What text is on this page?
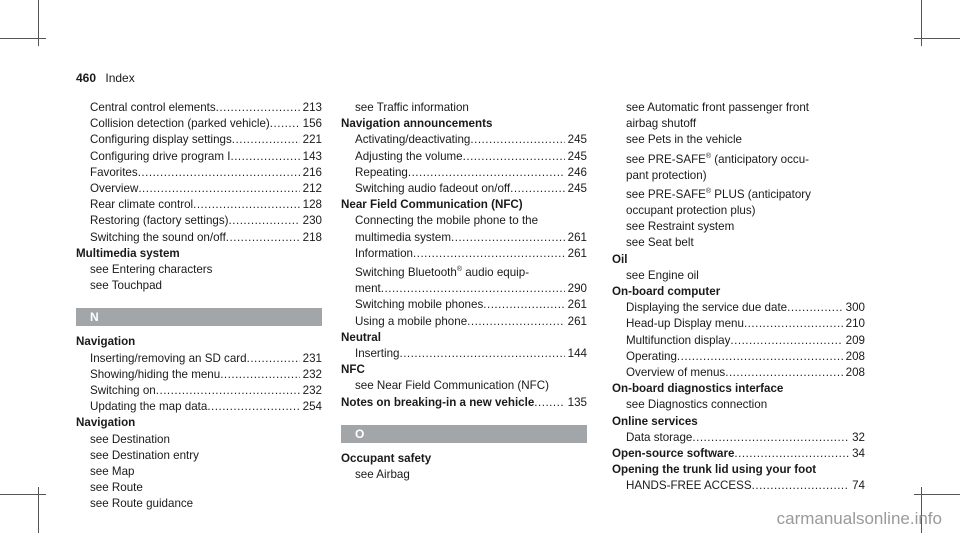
460 Index
Central control elements .....	213
Collision detection (parked vehicle) .....	156
Configuring display settings .....	221
Configuring drive program I .....	143
Favorites .....	216
Overview .....	212
Rear climate control .....	128
Restoring (factory settings) .....	230
Switching the sound on/off .....	218
Multimedia system
see Entering characters
see Touchpad
N
Navigation
Inserting/removing an SD card .....	231
Showing/hiding the menu .....	232
Switching on .....	232
Updating the map data .....	254
Navigation
see Destination
see Destination entry
see Map
see Route
see Route guidance
see Traffic information
Navigation announcements
Activating/deactivating .....	245
Adjusting the volume .....	245
Repeating .....	246
Switching audio fadeout on/off .....	245
Near Field Communication (NFC)
Connecting the mobile phone to the
multimedia system .....	261
Information .....	261
Switching Bluetooth® audio equip-
ment .....	290
Switching mobile phones .....	261
Using a mobile phone .....	261
Neutral
Inserting .....	144
NFC
see Near Field Communication (NFC)
Notes on breaking-in a new vehicle .....	135
O
Occupant safety
see Airbag
see Automatic front passenger front
airbag shutoff
see Pets in the vehicle
see PRE-SAFE® (anticipatory occu-
pant protection)
see PRE-SAFE® PLUS (anticipatory
occupant protection plus)
see Restraint system
see Seat belt
Oil
see Engine oil
On-board computer
Displaying the service due date .....	300
Head-up Display menu .....	210
Multifunction display .....	209
Operating .....	208
Overview of menus .....	208
On-board diagnostics interface
see Diagnostics connection
Online services
Data storage .....	32
Open-source software .....	34
Opening the trunk lid using your foot
HANDS-FREE ACCESS .....	74
carmanualsonline.info
